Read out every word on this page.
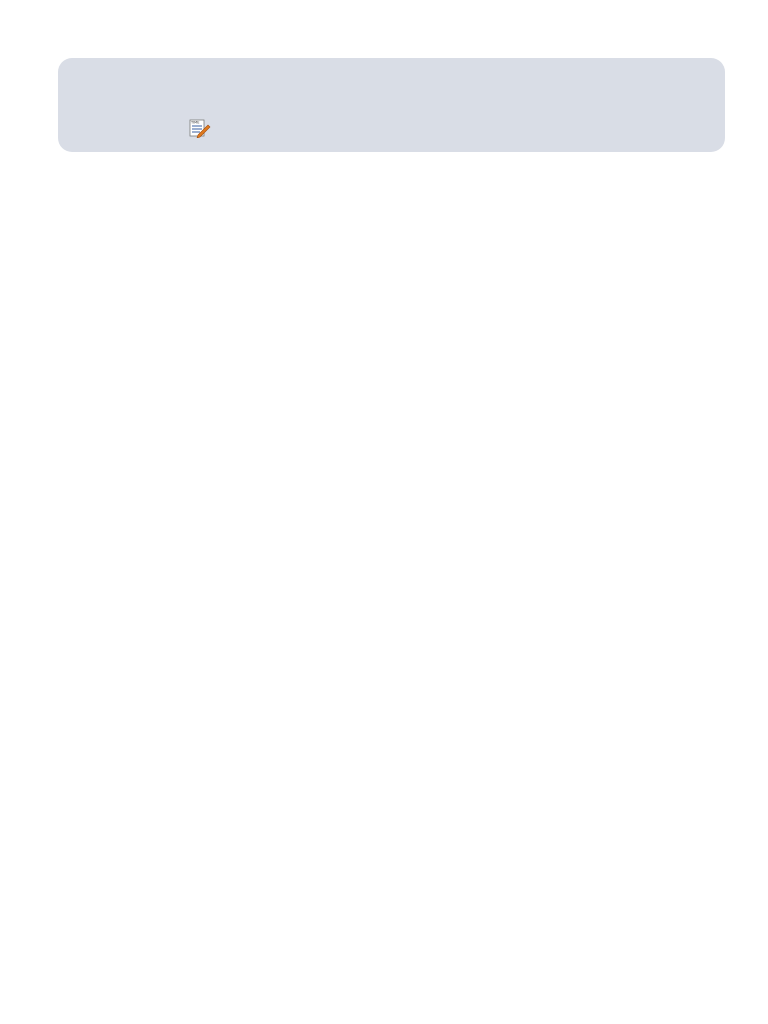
TIME
